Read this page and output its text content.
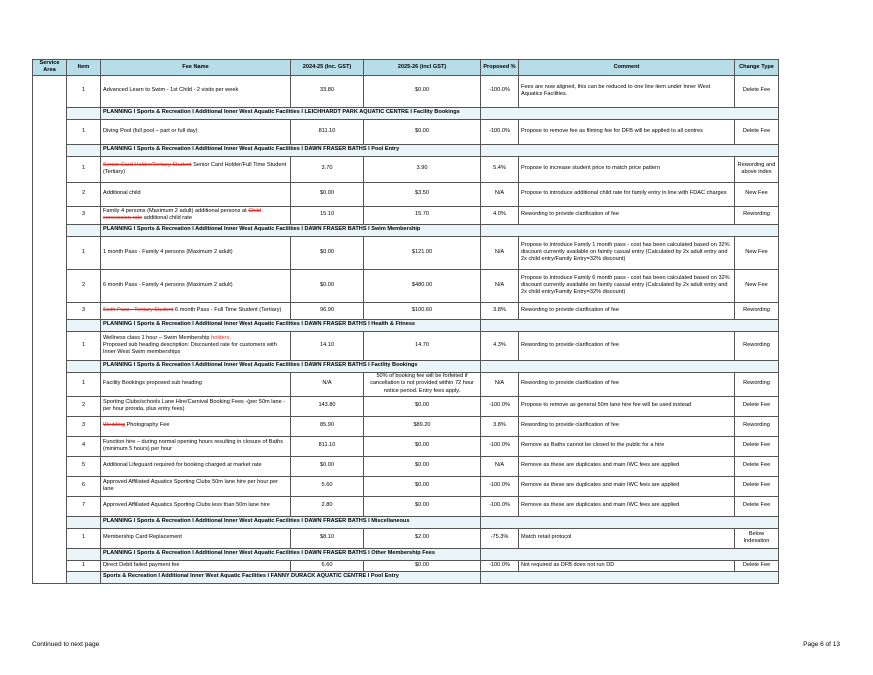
Service Area	Item	Fee Name	2024-25 (Inc. GST)	2025-26 (incl GST)	Proposed %	Comment	Change Type
	1	Advanced Learn to Swim - 1st Child - 2 visits per week	33.80	$0.00	-100.0%	Fees are now aligned, this can be reduced to one line item under Inner West Aquatics Facilities.	Delete Fee
		PLANNING I Sports & Recreation I Additional Inner West Aquatic Facilities I LEICHHARDT PARK AQUATIC CENTRE I Facility Bookings					
	1	Diving Pool (full pool – part or full day)	811.10	$0.00	-100.0%	Propose to remove fee as filming fee for DFB will be applied to all centres	Delete Fee
		PLANNING I Sports & Recreation I Additional Inner West Aquatic Facilities I DAWN FRASER BATHS I Pool Entry					
	1	Senior Card Holder/Tertiary Student Senior Card Holder/Full Time Student (Tertiary)	3.70	3.90	5.4%	Propose to increase student price to match price pattern	Rewording and above index
	2	Additional child	$0.00	$3.50	N/A	Propose to introduce additional child rate for family entry in line with FDAC charges	New Fee
	3	Family 4 persons (Maximum 2 adult) additional persons at Child concession rate additional child rate	15.10	15.70	4.0%	Rewording to provide clarification of fee	Rewording
		PLANNING I Sports & Recreation I Additional Inner West Aquatic Facilities I DAWN FRASER BATHS I Swim Membership					
	1	1 month Pass - Family 4 persons (Maximum 2 adult)	$0.00	$121.00	N/A	Propose to introduce Family 1 month pass - cost has been calculated based on 32% discount currently available on family casual entry (Calculated by 2x adult entry and 2x child entry/Family Entry=32% discount)	New Fee
	2	6 month Pass - Family 4 persons (Maximum 2 adult)	$0.00	$480.00	N/A	Propose to introduce Family 6 month pass - cost has been calculated based on 32% discount currently available on family casual entry (Calculated by 2x adult entry and 2x child entry/Family Entry=32% discount)	New Fee
	3	Sixth Pass - Tertiary Student 6 month Pass - Full Time Student (Tertiary)	96.90	$100.60	3.8%	Rewording to provide clarification of fee	Rewording
		PLANNING I Sports & Recreation I Additional Inner West Aquatic Facilities I DAWN FRASER BATHS I Health & Fitness					
	1	Wellness class 1 hour – Swim Membership holders.
Proposed sub heading description: Discounted rate for customers with Inner West Swim memberships	14.10	14.70	4.3%	Rewording to provide clarification of fee	Rewording
		PLANNING I Sports & Recreation I Additional Inner West Aquatic Facilities I DAWN FRASER BATHS I Facility Bookings					
	1	Facility Bookings proposed sub heading	N/A	50% of booking fee will be forfeited if cancellation is not provided within 72 hour notice period. Entry fees apply.	N/A	Rewording to provide clarification of fee	Rewording
	2	Sporting Clubs/schools Lane Hire/Carnival Booking Fees -(per 50m lane - per hour prorata, plus entry fees)	143.80	$0.00	-100.0%	Propose to remove as general 50m lane hire fee will be used instead	Delete Fee
	3	Wedding Photography Fee	85.90	$89.20	3.8%	Rewording to provide clarification of fee	Rewording
	4	Function hire – during normal opening hours resulting in closure of Baths (minimum 5 hours) per hour	811.10	$0.00	-100.0%	Remove as Baths cannot be closed to the public for a hire	Delete Fee
	5	Additional Lifeguard required for booking charged at market rate	$0.00	$0.00	N/A	Remove as these are duplicates and main IWC fees are applied	Delete Fee
	6	Approved Affiliated Aquatics Sporting Clubs 50m lane hire per hour per lane	5.60	$0.00	-100.0%	Remove as these are duplicates and main IWC fees are applied	Delete Fee
	7	Approved Affiliated Aquatics Sporting Clubs less than 50m lane hire	2.80	$0.00	-100.0%	Remove as these are duplicates and main IWC fees are applied	Delete Fee
		PLANNING I Sports & Recreation I Additional Inner West Aquatic Facilities I DAWN FRASER BATHS I Miscellaneous					
	1	Membership Card Replacement	$8.10	$2.00	-75.3%	Match retail protocol	Below Indexation
		PLANNING I Sports & Recreation I Additional Inner West Aquatic Facilities I DAWN FRASER BATHS I Other Membership Fees					
	1	Direct Debit failed payment fee	6.60	$0.00	-100.0%	Not required as DFB does not run DD	Delete Fee
		Sports & Recreation I Additional Inner West Aquatic Facilities I FANNY DURACK AQUATIC CENTRE I Pool Entry					
Continued to next page	Page 6 of 13
